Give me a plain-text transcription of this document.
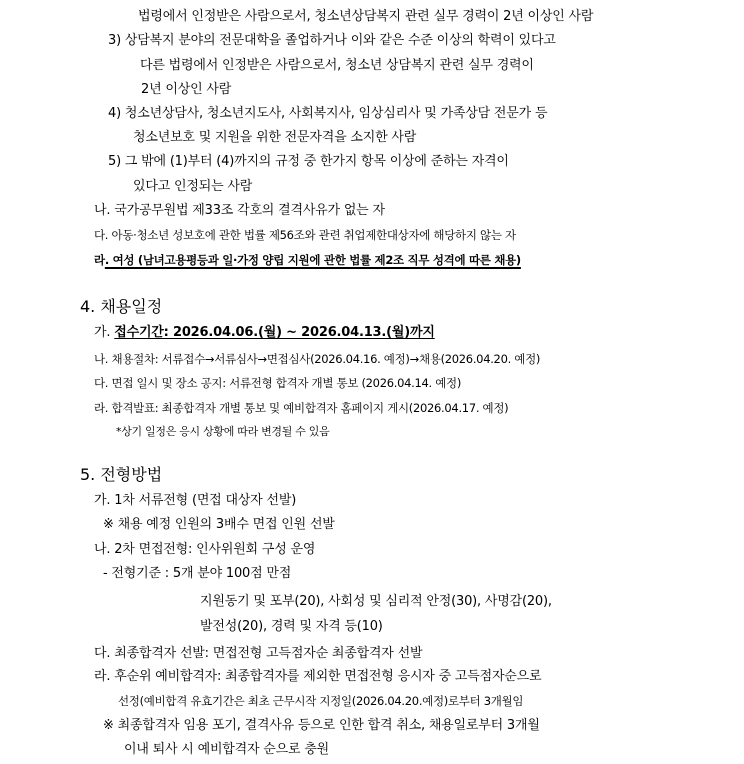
법령에서 인정받은 사람으로서, 청소년상담복지 관련 실무 경력이 2년 이상인 사람
3) 상담복지 분야의 전문대학을 졸업하거나 이와 같은 수준 이상의 학력이 있다고
다른 법령에서 인정받은 사람으로서, 청소년 상담복지 관련 실무 경력이
2년 이상인 사람
4) 청소년상담사, 청소년지도사, 사회복지사, 임상심리사 및 가족상담 전문가 등
청소년보호 및 지원을 위한 전문자격을 소지한 사람
5) 그 밖에 (1)부터 (4)까지의 규정 중 한가지 항목 이상에 준하는 자격이
있다고 인정되는 사람
나. 국가공무원법 제33조 각호의 결격사유가 없는 자
다. 아동·청소년 성보호에 관한 법률 제56조와 관련 취업제한대상자에 해당하지 않는 자
라. 여성 (남녀고용평등과 일·가정 양립 지원에 관한 법률 제2조 직무 성격에 따른 채용)
4. 채용일정
가. 접수기간: 2026.04.06.(월) ~ 2026.04.13.(월)까지
나. 채용절차: 서류접수→서류심사→면접심사(2026.04.16. 예정)→채용(2026.04.20. 예정)
다. 면접 일시 및 장소 공지: 서류전형 합격자 개별 통보 (2026.04.14. 예정)
라. 합격발표: 최종합격자 개별 통보 및 예비합격자 홈페이지 게시(2026.04.17. 예정)
*상기 일정은 응시 상황에 따라 변경될 수 있음
5. 전형방법
가. 1차 서류전형 (면접 대상자 선발)
※ 채용 예정 인원의 3배수 면접 인원 선발
나. 2차 면접전형: 인사위원회 구성 운영
- 전형기준 : 5개 분야 100점 만점
지원동기 및 포부(20), 사회성 및 심리적 안정(30), 사명감(20),
발전성(20), 경력 및 자격 등(10)
다. 최종합격자 선발: 면접전형 고득점자순 최종합격자 선발
라. 후순위 예비합격자: 최종합격자를 제외한 면접전형 응시자 중 고득점자순으로
선정(예비합격 유효기간은 최초 근무시작 지정일(2026.04.20.예정)로부터 3개월임
※ 최종합격자 임용 포기, 결격사유 등으로 인한 합격 취소, 채용일로부터 3개월
이내 퇴사 시 예비합격자 순으로 충원
